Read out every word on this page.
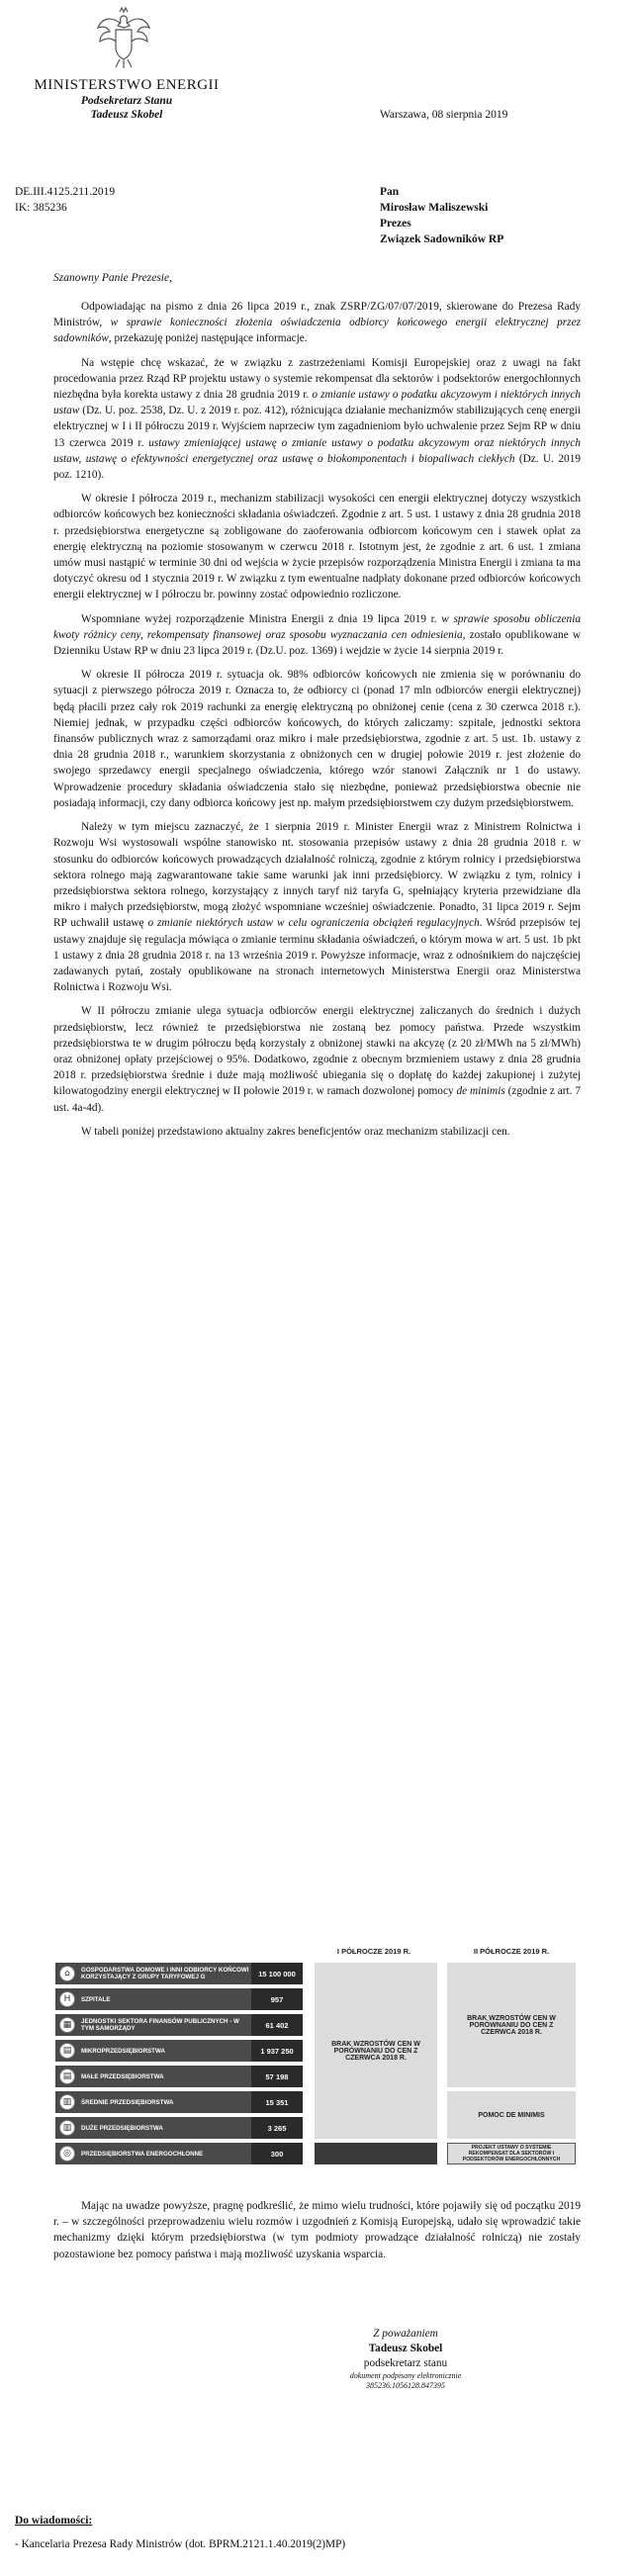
MINISTERSTWO ENERGII
Podsekretarz Stanu
Tadeusz Skobel	Warszawa, 08 sierpnia 2019
DE.III.4125.211.2019
IK: 385236
Pan
Mirosław Maliszewski
Prezes
Związek Sadowników RP
Szanowny Panie Prezesie,

Odpowiadając na pismo z dnia 26 lipca 2019 r., znak ZSRP/ZG/07/07/2019, skierowane do Prezesa Rady Ministrów, w sprawie konieczności złożenia oświadczenia odbiorcy końcowego energii elektrycznej przez sadowników, przekazuję poniżej następujące informacje.

Na wstępie chcę wskazać, że w związku z zastrzeżeniami Komisji Europejskiej oraz z uwagi na fakt procedowania przez Rząd RP projektu ustawy o systemie rekompensat dla sektorów i podsektorów energochłonnych niezbędna była korekta ustawy z dnia 28 grudnia 2019 r. o zmianie ustawy o podatku akcyzowym i niektórych innych ustaw (Dz. U. poz. 2538, Dz. U. z 2019 r. poz. 412), różnicująca działanie mechanizmów stabilizujących cenę energii elektrycznej w I i II półroczu 2019 r. Wyjściem naprzeciw tym zagadnieniom było uchwalenie przez Sejm RP w dniu 13 czerwca 2019 r. ustawy zmieniającej ustawę o zmianie ustawy o podatku akcyzowym oraz niektórych innych ustaw, ustawę o efektywności energetycznej oraz ustawę o biokomponentach i biopaliwach ciekłych (Dz. U. 2019 poz. 1210).

W okresie I półrocza 2019 r., mechanizm stabilizacji wysokości cen energii elektrycznej dotyczy wszystkich odbiorców końcowych bez konieczności składania oświadczeń. Zgodnie z art. 5 ust. 1 ustawy z dnia 28 grudnia 2018 r. przedsiębiorstwa energetyczne są zobligowane do zaoferowania odbiorcom końcowym cen i stawek opłat za energię elektryczną na poziomie stosowanym w czerwcu 2018 r. Istotnym jest, że zgodnie z art. 6 ust. 1 zmiana umów musi nastąpić w terminie 30 dni od wejścia w życie przepisów rozporządzenia Ministra Energii i zmiana ta ma dotyczyć okresu od 1 stycznia 2019 r. W związku z tym ewentualne nadpłaty dokonane przed odbiorców końcowych energii elektrycznej w I półroczu br. powinny zostać odpowiednio rozliczone.

Wspomniane wyżej rozporządzenie Ministra Energii z dnia 19 lipca 2019 r. w sprawie sposobu obliczenia kwoty różnicy ceny, rekompensaty finansowej oraz sposobu wyznaczania cen odniesienia, zostało opublikowane w Dzienniku Ustaw RP w dniu 23 lipca 2019 r. (Dz.U. poz. 1369) i wejdzie w życie 14 sierpnia 2019 r.

W okresie II półrocza 2019 r. sytuacja ok. 98% odbiorców końcowych nie zmienia się w porównaniu do sytuacji z pierwszego półrocza 2019 r. Oznacza to, że odbiorcy ci (ponad 17 mln odbiorców energii elektrycznej) będą płacili przez cały rok 2019 rachunki za energię elektryczną po obniżonej cenie (cena z 30 czerwca 2018 r.). Niemiej jednak, w przypadku części odbiorców końcowych, do których zaliczamy: szpitale, jednostki sektora finansów publicznych wraz z samorządami oraz mikro i małe przedsiębiorstwa, zgodnie z art. 5 ust. 1b. ustawy z dnia 28 grudnia 2018 r., warunkiem skorzystania z obniżonych cen w drugiej połowie 2019 r. jest złożenie do swojego sprzedawcy energii specjalnego oświadczenia, którego wzór stanowi Załącznik nr 1 do ustawy. Wprowadzenie procedury składania oświadczenia stało się niezbędne, ponieważ przedsiębiorstwa obecnie nie posiadają informacji, czy dany odbiorca końcowy jest np. małym przedsiębiorstwem czy dużym przedsiębiorstwem.

Należy w tym miejscu zaznaczyć, że 1 sierpnia 2019 r. Minister Energii wraz z Ministrem Rolnictwa i Rozwoju Wsi wystosowali wspólne stanowisko nt. stosowania przepisów ustawy z dnia 28 grudnia 2018 r. w stosunku do odbiorców końcowych prowadzących działalność rolniczą, zgodnie z którym rolnicy i przedsiębiorstwa sektora rolnego mają zagwarantowane takie same warunki jak inni przedsiębiorcy. W związku z tym, rolnicy i przedsiębiorstwa sektora rolnego, korzystający z innych taryf niż taryfa G, spełniający kryteria przewidziane dla mikro i małych przedsiębiorstw, mogą złożyć wspomniane wcześniej oświadczenie. Ponadto, 31 lipca 2019 r. Sejm RP uchwalił ustawę o zmianie niektórych ustaw w celu ograniczenia obciążeń regulacyjnych. Wśród przepisów tej ustawy znajduje się regulacja mówiąca o zmianie terminu składania oświadczeń, o którym mowa w art. 5 ust. 1b pkt 1 ustawy z dnia 28 grudnia 2018 r. na 13 września 2019 r. Powyższe informacje, wraz z odnośnikiem do najczęściej zadawanych pytań, zostały opublikowane na stronach internetowych Ministerstwa Energii oraz Ministerstwa Rolnictwa i Rozwoju Wsi.

W II półroczu zmianie ulega sytuacja odbiorców energii elektrycznej zaliczanych do średnich i dużych przedsiębiorstw, lecz również te przedsiębiorstwa nie zostaną bez pomocy państwa. Przede wszystkim przedsiębiorstwa te w drugim półroczu będą korzystały z obniżonej stawki na akcyzę (z 20 zł/MWh na 5 zł/MWh) oraz obniżonej opłaty przejściowej o 95%. Dodatkowo, zgodnie z obecnym brzmieniem ustawy z dnia 28 grudnia 2018 r. przedsiębiorstwa średnie i duże mają możliwość ubiegania się o dopłatę do każdej zakupionej i zużytej kilowatogodziny energii elektrycznej w II połowie 2019 r. w ramach dozwolonej pomocy de minimis (zgodnie z art. 7 ust. 4a-4d).

W tabeli poniżej przedstawiono aktualny zakres beneficjentów oraz mechanizm stabilizacji cen.

I PÓŁROCZE 2019 R.	II PÓŁROCZE 2019 R.
⌂	GOSPODARSTWA DOMOWE I INNI ODBIORCY KOŃCOWI KORZYSTAJĄCY Z GRUPY TARYFOWEJ G	15 100 000
H	SZPITALE	957
▦	JEDNOSTKI SEKTORA FINANSÓW PUBLICZNYCH - W TYM SAMORZĄDY	61 402
▤	MIKROPRZEDSIĘBIORSTWA	1 937 250
▤	MAŁE PRZEDSIĘBIORSTWA	57 198
▥	ŚREDNIE PRZEDSIĘBIORSTWA	15 351
▥	DUŻE PRZEDSIĘBIORSTWA	3 265
◎	PRZEDSIĘBIORSTWA ENERGOCHŁONNE	300
BRAK WZROSTÓW CEN W PORÓWNANIU DO CEN Z CZERWCA 2018 R.
BRAK WZROSTÓW CEN W PORÓWNANIU DO CEN Z CZERWCA 2018 R.
POMOC DE MINIMIS
PROJEKT USTAWY O SYSTEMIE REKOMPENSAT DLA SEKTORÓW I PODSEKTORÓW ENERGOCHŁONNYCH

Mając na uwadze powyższe, pragnę podkreślić, że mimo wielu trudności, które pojawiły się od początku 2019 r. – w szczególności przeprowadzeniu wielu rozmów i uzgodnień z Komisją Europejską, udało się wprowadzić takie mechanizmy dzięki którym przedsiębiorstwa (w tym podmioty prowadzące działalność rolniczą) nie zostały pozostawione bez pomocy państwa i mają możliwość uzyskania wsparcia.

Z poważaniem
Tadeusz Skobel
podsekretarz stanu
dokument podpisany elektronicznie
385236.1056128.847395
Do wiadomości:
- Kancelaria Prezesa Rady Ministrów (dot. BPRM.2121.1.40.2019(2)MP)
